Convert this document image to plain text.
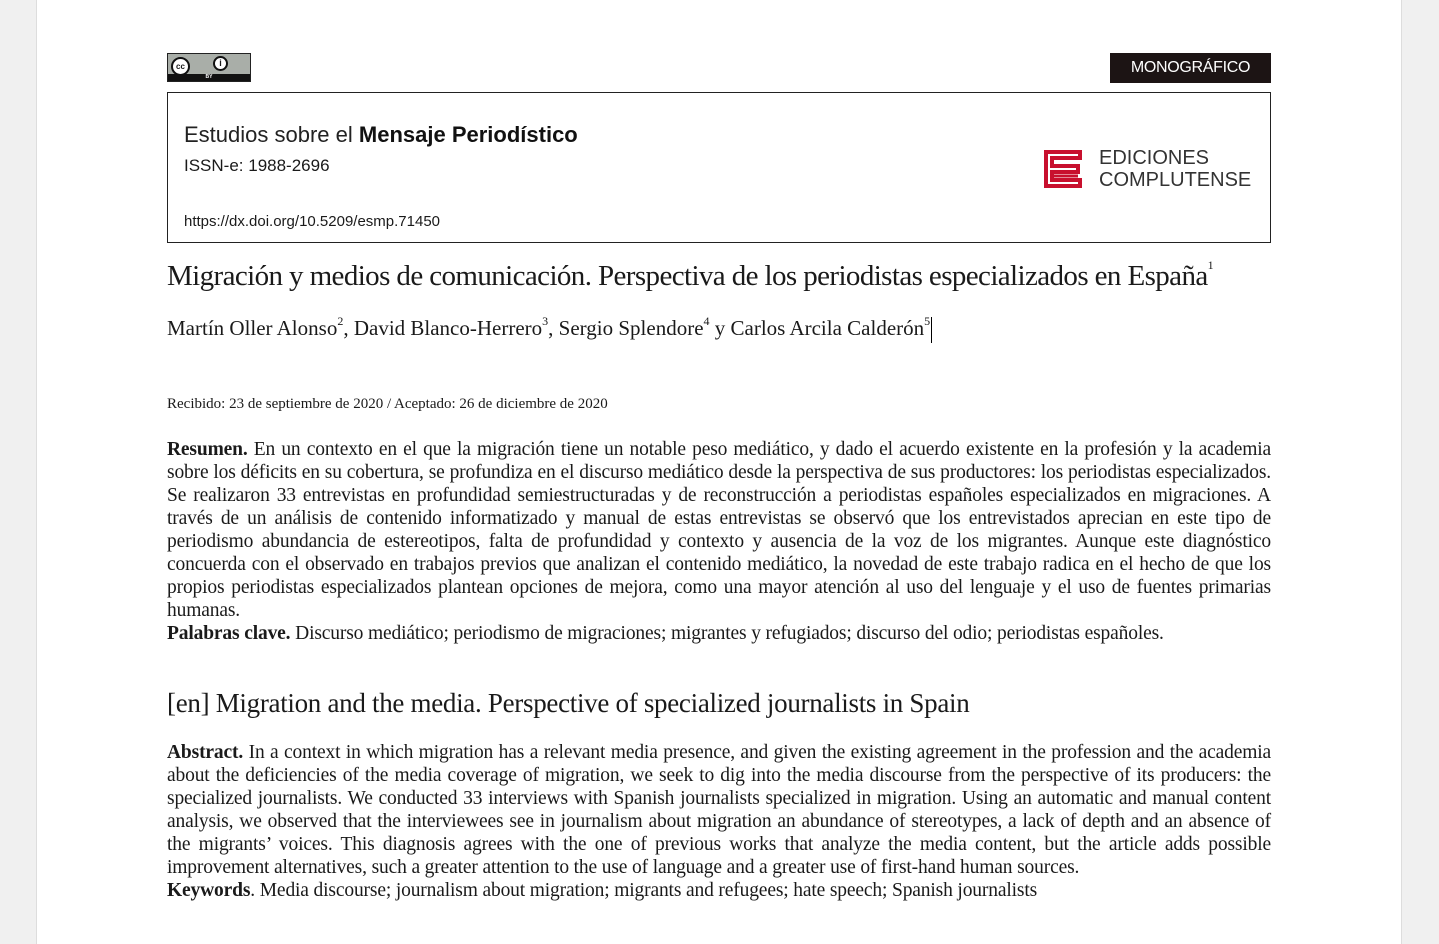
cc	i
BY
MONOGRÁFICO
Estudios sobre el Mensaje Periodístico
ISSN-e: 1988-2696
https://dx.doi.org/10.5209/esmp.71450
EDICIONES
COMPLUTENSE
Migración y medios de comunicación. Perspectiva de los periodistas especializados en España$^1$
Martín Oller Alonso$^2$, David Blanco-Herrero$^3$, Sergio Splendore$^4$ y Carlos Arcila Calderón$^5$
Recibido: 23 de septiembre de 2020 / Aceptado: 26 de diciembre de 2020
Resumen. En un contexto en el que la migración tiene un notable peso mediático, y dado el acuerdo existente en la profesión y la academia sobre los déficits en su cobertura, se profundiza en el discurso mediático desde la perspectiva de sus productores: los periodistas especializados. Se realizaron 33 entrevistas en profundidad semiestructuradas y de reconstrucción a periodistas españoles especializados en migraciones. A través de un análisis de contenido informatizado y manual de estas entrevistas se observó que los entrevistados aprecian en este tipo de periodismo abundancia de estereotipos, falta de profundidad y contexto y ausencia de la voz de los migrantes. Aunque este diagnóstico concuerda con el observado en trabajos previos que analizan el contenido mediático, la novedad de este trabajo radica en el hecho de que los propios periodistas especializados plantean opciones de mejora, como una mayor atención al uso del lenguaje y el uso de fuentes primarias humanas.
Palabras clave. Discurso mediático; periodismo de migraciones; migrantes y refugiados; discurso del odio; periodistas españoles.
[en] Migration and the media. Perspective of specialized journalists in Spain
Abstract. In a context in which migration has a relevant media presence, and given the existing agreement in the profession and the academia about the deficiencies of the media coverage of migration, we seek to dig into the media discourse from the perspective of its producers: the specialized journalists. We conducted 33 interviews with Spanish journalists specialized in migration. Using an automatic and manual content analysis, we observed that the interviewees see in journalism about migration an abundance of stereotypes, a lack of depth and an absence of the migrants’ voices. This diagnosis agrees with the one of previous works that analyze the media content, but the article adds possible improvement alternatives, such a greater attention to the use of language and a greater use of first-hand human sources.
Keywords. Media discourse; journalism about migration; migrants and refugees; hate speech; Spanish journalists
